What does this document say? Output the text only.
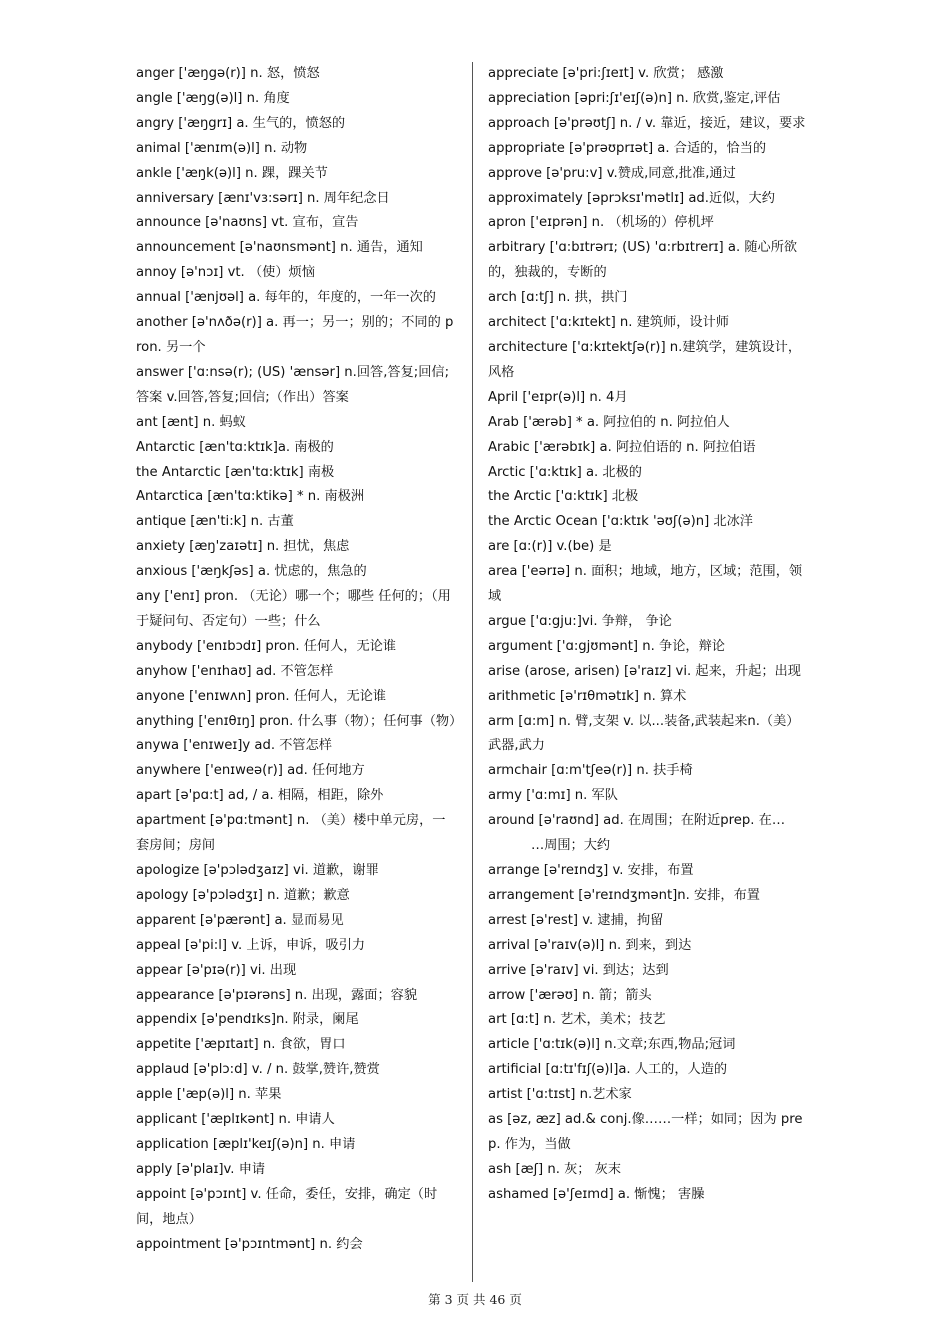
anger ['æŋgə(r)] n. 怒，愤怒

angle ['æŋg(ə)l] n. 角度

angry ['æŋgrɪ] a. 生气的，愤怒的

animal ['ænɪm(ə)l] n. 动物

ankle ['æŋk(ə)l] n. 踝，踝关节

anniversary [ænɪ'vɜ:sərɪ] n. 周年纪念日

announce [ə'naʊns] vt. 宣布，宣告

announcement [ə'naʊnsmənt] n. 通告，通知

annoy [ə'nɔɪ] vt. （使）烦恼

annual ['ænjʊəl] a. 每年的，年度的，一年一次的

another [ə'nʌðə(r)] a. 再一；另一；别的；不同的 pron. 另一个

answer ['ɑ:nsə(r); (US) 'ænsər] n.回答,答复;回信;答案 v.回答,答复;回信;（作出）答案

ant [ænt] n. 蚂蚁

Antarctic [æn'tɑ:ktɪk]a. 南极的

the Antarctic [æn'tɑ:ktɪk] 南极

Antarctica [æn'tɑ:ktikə] * n. 南极洲

antique [æn'ti:k] n. 古董

anxiety [æŋ'zaɪətɪ] n. 担忧，焦虑

anxious ['æŋkʃəs] a. 忧虑的，焦急的

any ['enɪ] pron. （无论）哪一个；哪些 任何的；（用于疑问句、否定句）一些；什么

anybody ['enɪbɔdɪ] pron. 任何人，无论谁

anyhow ['enɪhaʊ] ad. 不管怎样

anyone ['enɪwʌn] pron. 任何人，无论谁

anything ['enɪθɪŋ] pron. 什么事（物）；任何事（物）

anywa ['enɪweɪ]y ad. 不管怎样

anywhere ['enɪweə(r)] ad. 任何地方

apart [ə'pɑ:t] ad, / a. 相隔，相距，除外

apartment [ə'pɑ:tmənt] n. （美）楼中单元房，一套房间；房间

apologize [ə'pɔlədʒaɪz] vi. 道歉，谢罪

apology [ə'pɔlədʒɪ] n. 道歉；歉意

apparent [ə'pærənt] a. 显而易见

appeal [ə'pi:l] v. 上诉，申诉，吸引力

appear [ə'pɪə(r)] vi. 出现

appearance [ə'pɪərəns] n. 出现，露面；容貌

appendix [ə'pendɪks]n. 附录，阑尾

appetite ['æpɪtaɪt] n. 食欲，胃口

applaud [ə'plɔ:d] v. / n. 鼓掌,赞许,赞赏

apple ['æp(ə)l] n. 苹果

applicant ['æplɪkənt] n. 申请人

application [æplɪ'keɪʃ(ə)n] n. 申请

apply [ə'plaɪ]v. 申请

appoint [ə'pɔɪnt] v. 任命，委任，安排，确定（时间，地点）

appointment [ə'pɔɪntmənt] n. 约会

appreciate [ə'pri:ʃɪeɪt] v. 欣赏； 感激

appreciation [əpri:ʃɪ'eɪʃ(ə)n] n. 欣赏,鉴定,评估

approach [ə'prəʊtʃ] n. / v. 靠近，接近，建议，要求

appropriate [ə'prəʊprɪət] a. 合适的，恰当的

approve [ə'pru:v] v.赞成,同意,批准,通过

approximately [əprɔksɪ'mətlɪ] ad.近似，大约

apron ['eɪprən] n. （机场的）停机坪

arbitrary ['ɑ:bɪtrərɪ; (US) 'ɑ:rbɪtrerɪ] a. 随心所欲的，独裁的，专断的

arch [ɑ:tʃ] n. 拱，拱门

architect ['ɑ:kɪtekt] n. 建筑师，设计师

architecture ['ɑ:kɪtektʃə(r)] n.建筑学，建筑设计，风格

April ['eɪpr(ə)l] n. 4月

Arab ['ærəb] * a. 阿拉伯的 n. 阿拉伯人

Arabic ['ærəbɪk] a. 阿拉伯语的 n. 阿拉伯语

Arctic ['ɑ:ktɪk] a. 北极的

the Arctic ['ɑ:ktɪk] 北极

the Arctic Ocean ['ɑ:ktɪk 'əʊʃ(ə)n] 北冰洋

are [ɑ:(r)] v.(be) 是

area ['eərɪə] n. 面积；地域，地方，区域；范围，领域

argue ['ɑ:gju:]vi. 争辩， 争论

argument ['ɑ:gjʊmənt] n. 争论，辩论

arise (arose, arisen) [ə'raɪz] vi. 起来，升起；出现

arithmetic [ə'rɪθmətɪk] n. 算术

arm [ɑ:m] n. 臂,支架 v. 以...装备,武装起来n.（美）武器,武力

armchair [ɑ:m'tʃeə(r)] n. 扶手椅

army ['ɑ:mɪ] n. 军队

around [ə'raʊnd] ad. 在周围；在附近prep. 在…

…周围；大约

arrange [ə'reɪndʒ] v. 安排，布置

arrangement [ə'reɪndʒmənt]n. 安排，布置

arrest [ə'rest] v. 逮捕，拘留

arrival [ə'raɪv(ə)l] n. 到来，到达

arrive [ə'raɪv] vi. 到达；达到

arrow ['ærəʊ] n. 箭；箭头

art [ɑ:t] n. 艺术，美术；技艺

article ['ɑ:tɪk(ə)l] n.文章;东西,物品;冠词

artificial [ɑ:tɪ'fɪʃ(ə)l]a. 人工的，人造的

artist ['ɑ:tɪst] n.艺术家

as [əz, æz] ad.& conj.像……一样；如同；因为 prep. 作为，当做

ash [æʃ] n. 灰； 灰末

ashamed [ə'ʃeɪmd] a. 惭愧； 害臊

第 3 页 共 46 页
